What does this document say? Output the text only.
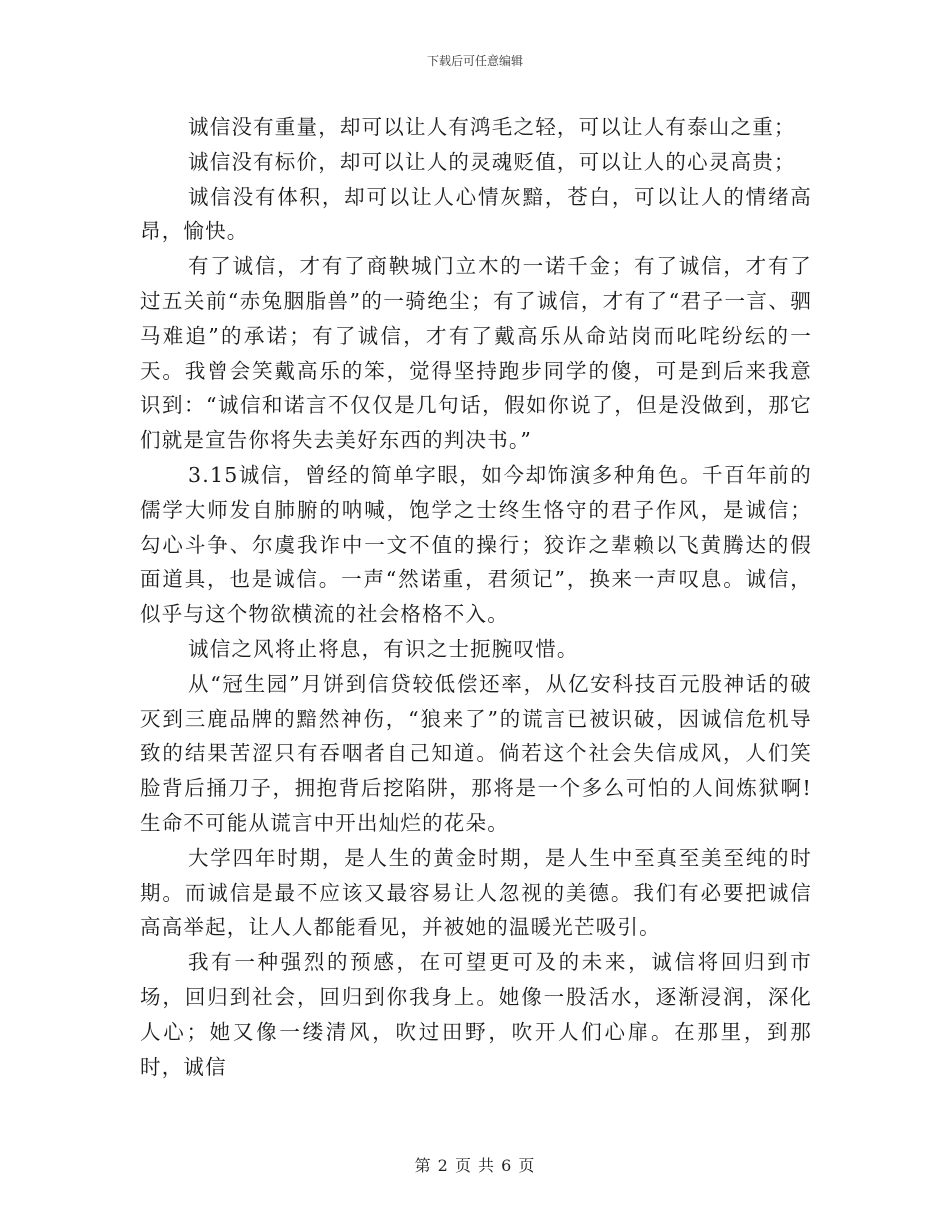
下载后可任意编辑

诚信没有重量，却可以让人有鸿毛之轻，可以让人有泰山之重；

诚信没有标价，却可以让人的灵魂贬值，可以让人的心灵高贵；

诚信没有体积，却可以让人心情灰黯，苍白，可以让人的情绪高昂，愉快。

有了诚信，才有了商鞅城门立木的一诺千金；有了诚信，才有了过五关前“赤兔胭脂兽”的一骑绝尘；有了诚信，才有了“君子一言、驷马难追”的承诺；有了诚信，才有了戴高乐从命站岗而叱咤纷纭的一天。我曾会笑戴高乐的笨，觉得坚持跑步同学的傻，可是到后来我意识到：“诚信和诺言不仅仅是几句话，假如你说了，但是没做到，那它们就是宣告你将失去美好东西的判决书。”

3.15诚信，曾经的简单字眼，如今却饰演多种角色。千百年前的儒学大师发自肺腑的呐喊，饱学之士终生恪守的君子作风，是诚信；勾心斗争、尔虞我诈中一文不值的操行；狡诈之辈赖以飞黄腾达的假面道具，也是诚信。一声“然诺重，君须记”，换来一声叹息。诚信，似乎与这个物欲横流的社会格格不入。

诚信之风将止将息，有识之士扼腕叹惜。

从“冠生园”月饼到信贷较低偿还率，从亿安科技百元股神话的破灭到三鹿品牌的黯然神伤，“狼来了”的谎言已被识破，因诚信危机导致的结果苦涩只有吞咽者自己知道。倘若这个社会失信成风，人们笑脸背后捅刀子，拥抱背后挖陷阱，那将是一个多么可怕的人间炼狱啊!生命不可能从谎言中开出灿烂的花朵。

大学四年时期，是人生的黄金时期，是人生中至真至美至纯的时期。而诚信是最不应该又最容易让人忽视的美德。我们有必要把诚信高高举起，让人人都能看见，并被她的温暖光芒吸引。

我有一种强烈的预感，在可望更可及的未来，诚信将回归到市场，回归到社会，回归到你我身上。她像一股活水，逐渐浸润，深化人心；她又像一缕清风，吹过田野，吹开人们心扉。在那里，到那时，诚信

第 2 页 共 6 页
